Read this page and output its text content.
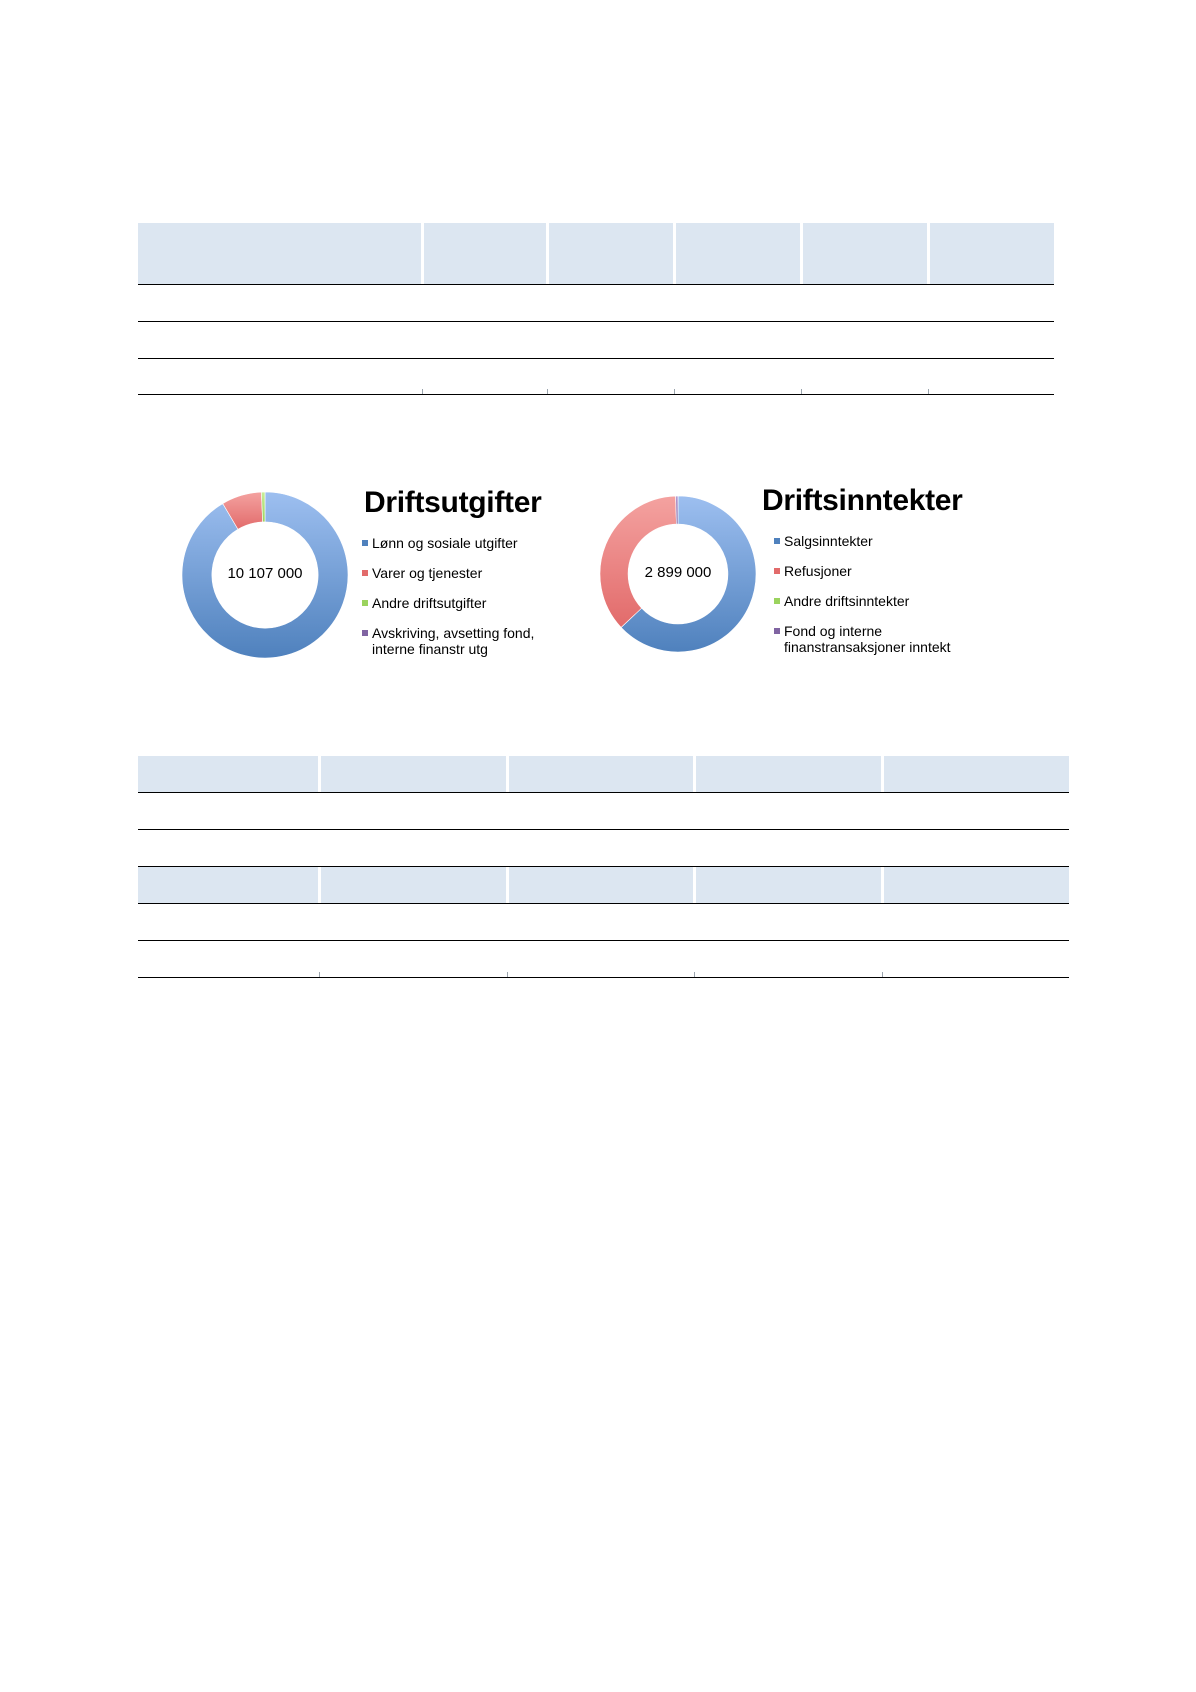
10 107 000
Driftsutgifter
Lønn og sosiale utgifter
Varer og tjenester
Andre driftsutgifter
Avskriving, avsetting fond,
interne finanstr utg
2 899 000
Driftsinntekter
Salgsinntekter
Refusjoner
Andre driftsinntekter
Fond og interne
finanstransaksjoner inntekt
